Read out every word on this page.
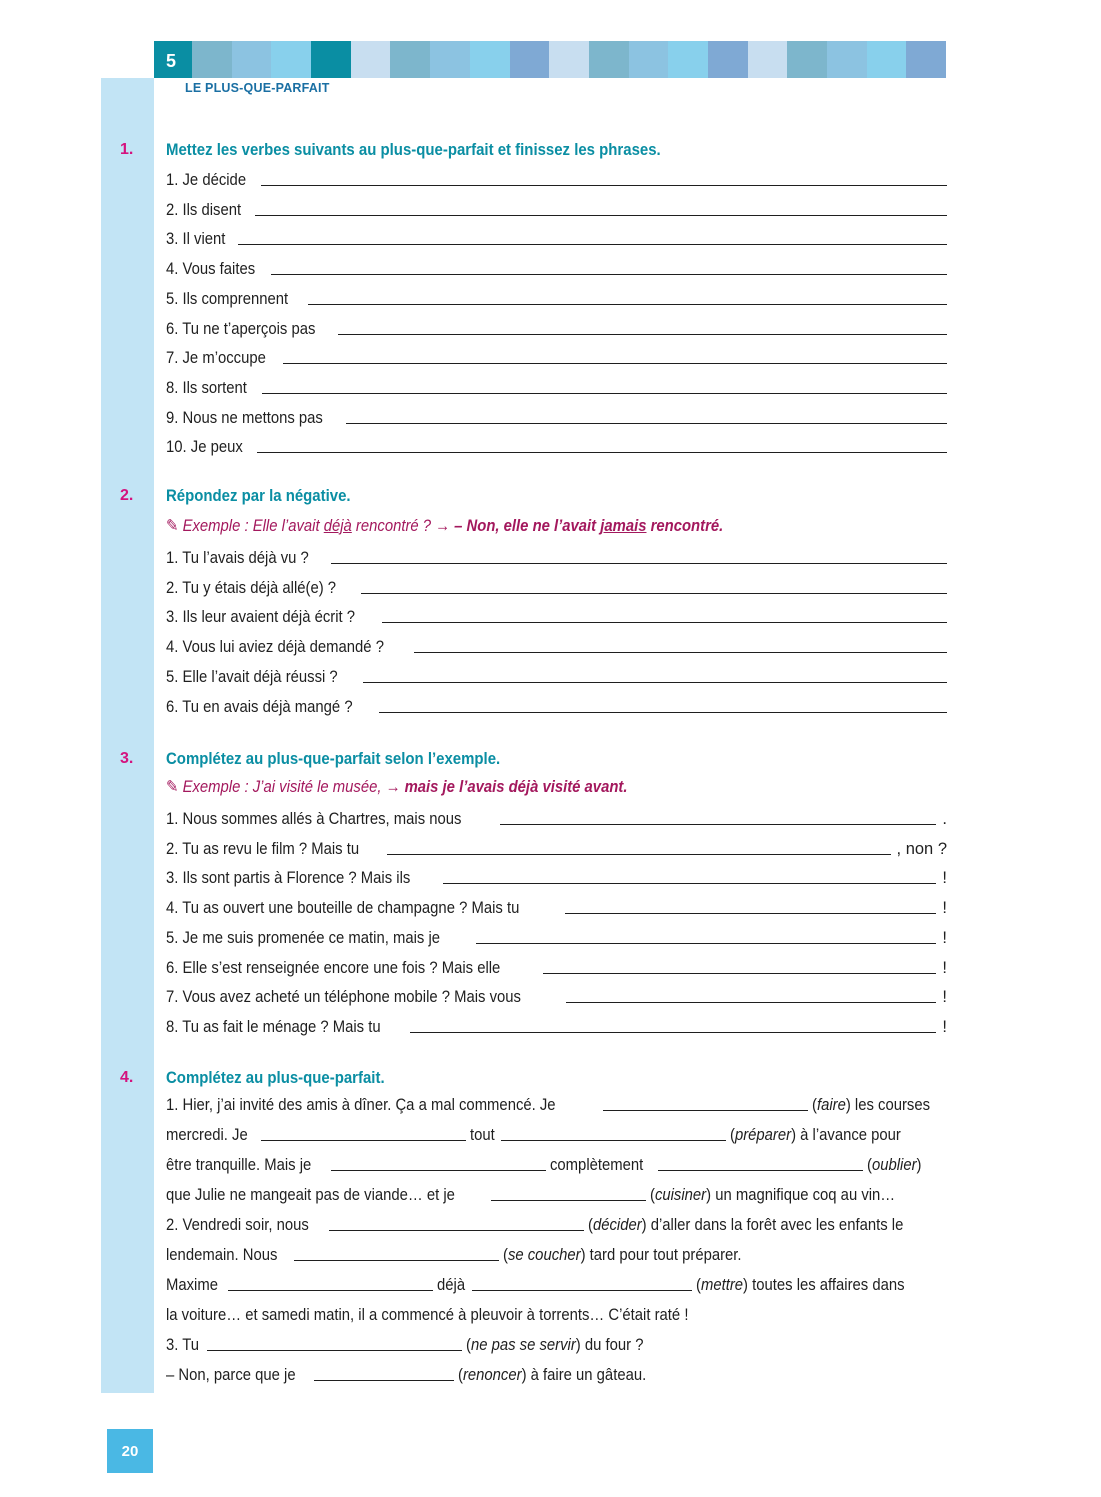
5
LE PLUS-QUE-PARFAIT
1. Mettez les verbes suivants au plus-que-parfait et finissez les phrases.
1. Je décide
2. Ils disent
3. Il vient
4. Vous faites
5. Ils comprennent
6. Tu ne t’aperçois pas
7. Je m’occupe
8. Ils sortent
9. Nous ne mettons pas
10. Je peux
2. Répondez par la négative.
✎ Exemple : Elle l’avait déjà rencontré ? → – Non, elle ne l’avait jamais rencontré.
1. Tu l’avais déjà vu ?
2. Tu y étais déjà allé(e) ?
3. Ils leur avaient déjà écrit ?
4. Vous lui aviez déjà demandé ?
5. Elle l’avait déjà réussi ?
6. Tu en avais déjà mangé ?
3. Complétez au plus-que-parfait selon l’exemple.
✎ Exemple : J’ai visité le musée, → mais je l’avais déjà visité avant.
1. Nous sommes allés à Chartres, mais nous	.
2. Tu as revu le film ? Mais tu	, non ?
3. Ils sont partis à Florence ? Mais ils	!
4. Tu as ouvert une bouteille de champagne ? Mais tu	!
5. Je me suis promenée ce matin, mais je	!
6. Elle s’est renseignée encore une fois ? Mais elle	!
7. Vous avez acheté un téléphone mobile ? Mais vous	!
8. Tu as fait le ménage ? Mais tu	!
4. Complétez au plus-que-parfait.
1. Hier, j’ai invité des amis à dîner. Ça a mal commencé. Je	(faire) les courses
mercredi. Je	tout	(préparer) à l’avance pour
être tranquille. Mais je	complètement	(oublier)
que Julie ne mangeait pas de viande… et je	(cuisiner) un magnifique coq au vin…
2. Vendredi soir, nous	(décider) d’aller dans la forêt avec les enfants le
lendemain. Nous	(se coucher) tard pour tout préparer.
Maxime	déjà	(mettre) toutes les affaires dans
la voiture… et samedi matin, il a commencé à pleuvoir à torrents… C’était raté !
3. Tu	(ne pas se servir) du four ?
– Non, parce que je	(renoncer) à faire un gâteau.
20
